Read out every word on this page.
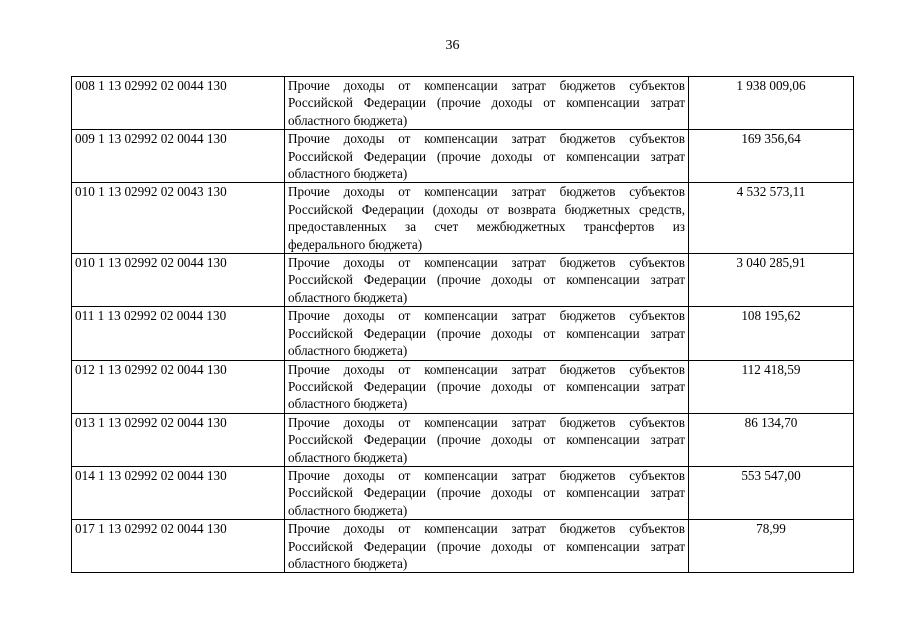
36
008 1 13 02992 02 0044 130	Прочие доходы от компенсации затрат бюджетов субъектов Российской Федерации (прочие доходы от компенсации затрат областного бюджета)	1 938 009,06
009 1 13 02992 02 0044 130	Прочие доходы от компенсации затрат бюджетов субъектов Российской Федерации (прочие доходы от компенсации затрат областного бюджета)	169 356,64
010 1 13 02992 02 0043 130	Прочие доходы от компенсации затрат бюджетов субъектов Российской Федерации (доходы от возврата бюджетных средств, предоставленных за счет межбюджетных трансфертов из федерального бюджета)	4 532 573,11
010 1 13 02992 02 0044 130	Прочие доходы от компенсации затрат бюджетов субъектов Российской Федерации (прочие доходы от компенсации затрат областного бюджета)	3 040 285,91
011 1 13 02992 02 0044 130	Прочие доходы от компенсации затрат бюджетов субъектов Российской Федерации (прочие доходы от компенсации затрат областного бюджета)	108 195,62
012 1 13 02992 02 0044 130	Прочие доходы от компенсации затрат бюджетов субъектов Российской Федерации (прочие доходы от компенсации затрат областного бюджета)	112 418,59
013 1 13 02992 02 0044 130	Прочие доходы от компенсации затрат бюджетов субъектов Российской Федерации (прочие доходы от компенсации затрат областного бюджета)	86 134,70
014 1 13 02992 02 0044 130	Прочие доходы от компенсации затрат бюджетов субъектов Российской Федерации (прочие доходы от компенсации затрат областного бюджета)	553 547,00
017 1 13 02992 02 0044 130	Прочие доходы от компенсации затрат бюджетов субъектов Российской Федерации (прочие доходы от компенсации затрат областного бюджета)	78,99
